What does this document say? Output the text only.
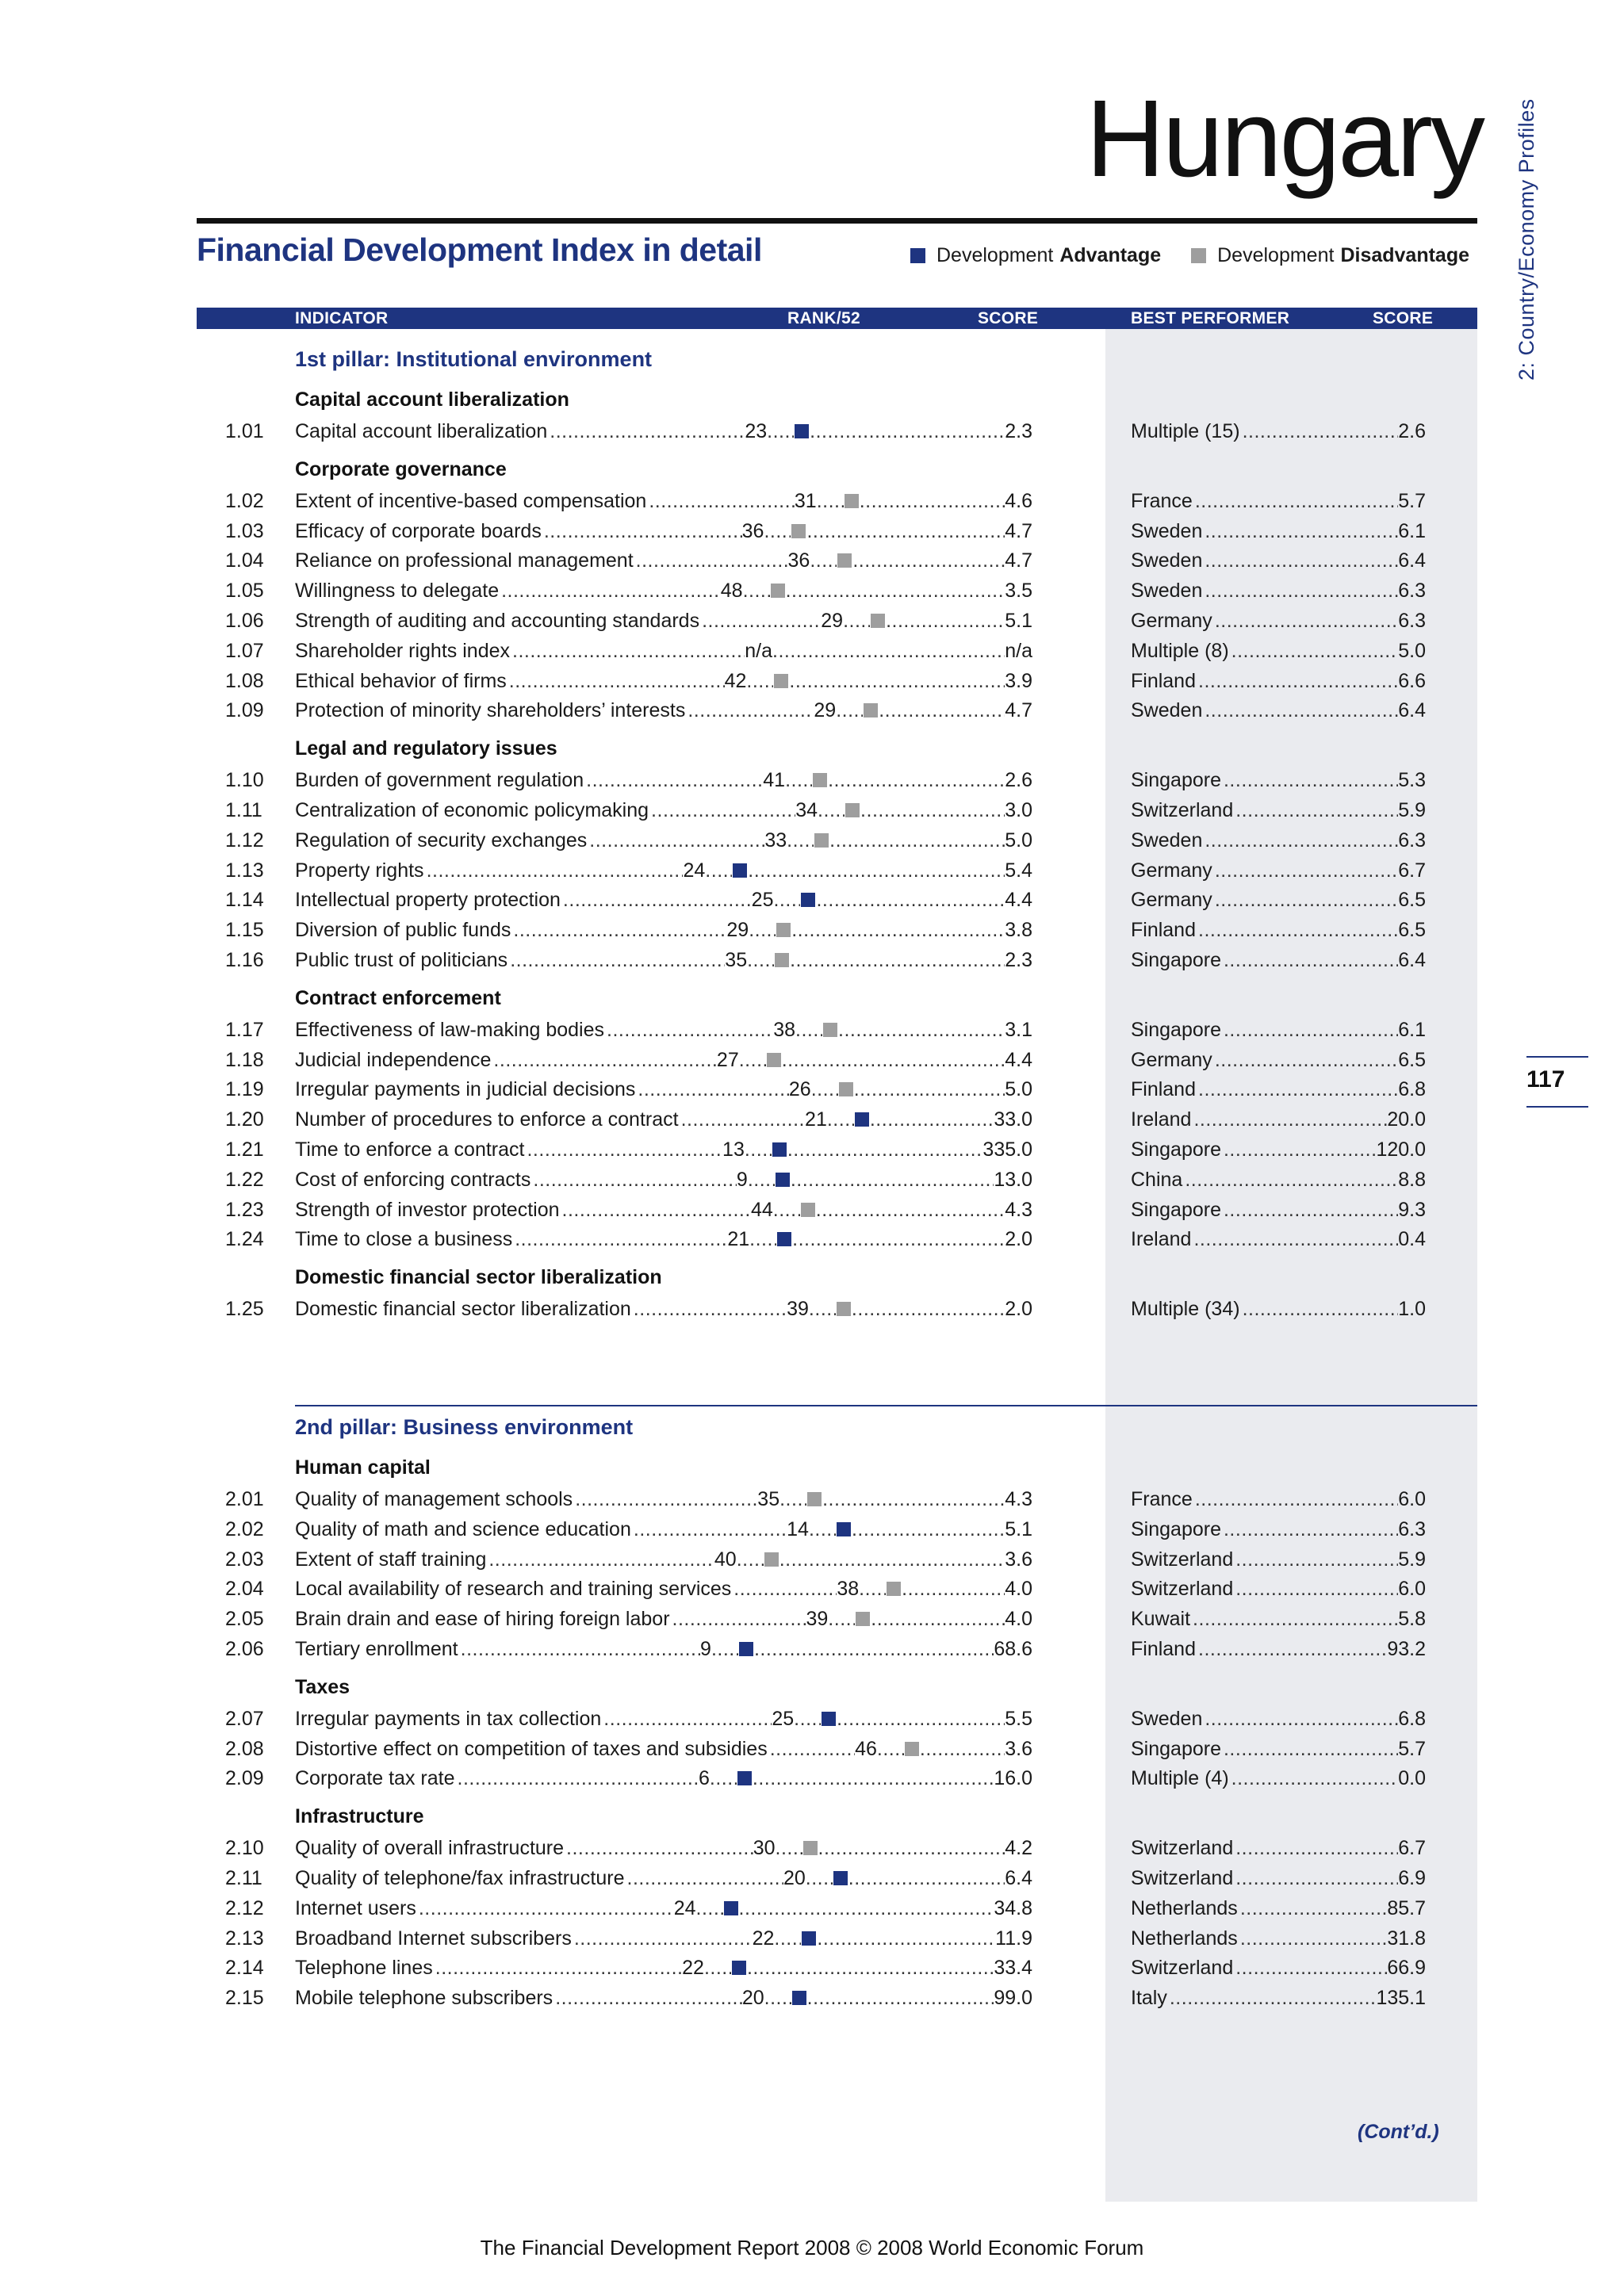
Hungary 2: Country/Economy Profiles
117
Financial Development Index in detail	Development Advantage	Development Disadvantage
INDICATOR	RANK/52	SCORE	BEST PERFORMER	SCORE
1st pillar: Institutional environment
Capital account liberalization
1.01	Capital account liberalization .....	23 ..... .....	2.3	Multiple (15) .....	2.6
Corporate governance
1.02	Extent of incentive-based compensation .....	31 ..... .....	4.6	France .....	5.7
1.03	Efficacy of corporate boards .....	36 ..... .....	4.7	Sweden .....	6.1
1.04	Reliance on professional management .....	36 ..... .....	4.7	Sweden .....	6.4
1.05	Willingness to delegate .....	48 ..... .....	3.5	Sweden .....	6.3
1.06	Strength of auditing and accounting standards .....	29 ..... .....	5.1	Germany .....	6.3
1.07	Shareholder rights index .....	n/a .....	n/a	Multiple (8) .....	5.0
1.08	Ethical behavior of firms .....	42 ..... .....	3.9	Finland .....	6.6
1.09	Protection of minority shareholders’ interests .....	29 ..... .....	4.7	Sweden .....	6.4
Legal and regulatory issues
1.10	Burden of government regulation .....	41 ..... .....	2.6	Singapore .....	5.3
1.11	Centralization of economic policymaking .....	34 ..... .....	3.0	Switzerland .....	5.9
1.12	Regulation of security exchanges .....	33 ..... .....	5.0	Sweden .....	6.3
1.13	Property rights .....	24 ..... .....	5.4	Germany .....	6.7
1.14	Intellectual property protection .....	25 ..... .....	4.4	Germany .....	6.5
1.15	Diversion of public funds .....	29 ..... .....	3.8	Finland .....	6.5
1.16	Public trust of politicians .....	35 ..... .....	2.3	Singapore .....	6.4
Contract enforcement
1.17	Effectiveness of law-making bodies .....	38 ..... .....	3.1	Singapore .....	6.1
1.18	Judicial independence .....	27 ..... .....	4.4	Germany .....	6.5
1.19	Irregular payments in judicial decisions .....	26 ..... .....	5.0	Finland .....	6.8
1.20	Number of procedures to enforce a contract .....	21 ..... .....	33.0	Ireland .....	20.0
1.21	Time to enforce a contract .....	13 ..... .....	335.0	Singapore .....	120.0
1.22	Cost of enforcing contracts .....	9 ..... .....	13.0	China .....	8.8
1.23	Strength of investor protection .....	44 ..... .....	4.3	Singapore .....	9.3
1.24	Time to close a business .....	21 ..... .....	2.0	Ireland .....	0.4
Domestic financial sector liberalization
1.25	Domestic financial sector liberalization .....	39 ..... .....	2.0	Multiple (34) .....	1.0
2nd pillar: Business environment
Human capital
2.01	Quality of management schools .....	35 ..... .....	4.3	France .....	6.0
2.02	Quality of math and science education .....	14 ..... .....	5.1	Singapore .....	6.3
2.03	Extent of staff training .....	40 ..... .....	3.6	Switzerland .....	5.9
2.04	Local availability of research and training services .....	38 ..... .....	4.0	Switzerland .....	6.0
2.05	Brain drain and ease of hiring foreign labor .....	39 ..... .....	4.0	Kuwait .....	5.8
2.06	Tertiary enrollment .....	9 ..... .....	68.6	Finland .....	93.2
Taxes
2.07	Irregular payments in tax collection .....	25 ..... .....	5.5	Sweden .....	6.8
2.08	Distortive effect on competition of taxes and subsidies .....	46 ..... .....	3.6	Singapore .....	5.7
2.09	Corporate tax rate .....	6 ..... .....	16.0	Multiple (4) .....	0.0
Infrastructure
2.10	Quality of overall infrastructure .....	30 ..... .....	4.2	Switzerland .....	6.7
2.11	Quality of telephone/fax infrastructure .....	20 ..... .....	6.4	Switzerland .....	6.9
2.12	Internet users .....	24 ..... .....	34.8	Netherlands .....	85.7
2.13	Broadband Internet subscribers .....	22 ..... .....	11.9	Netherlands .....	31.8
2.14	Telephone lines .....	22 ..... .....	33.4	Switzerland .....	66.9
2.15	Mobile telephone subscribers .....	20 ..... .....	99.0	Italy .....	135.1
(Cont’d.)
The Financial Development Report 2008 © 2008 World Economic Forum
